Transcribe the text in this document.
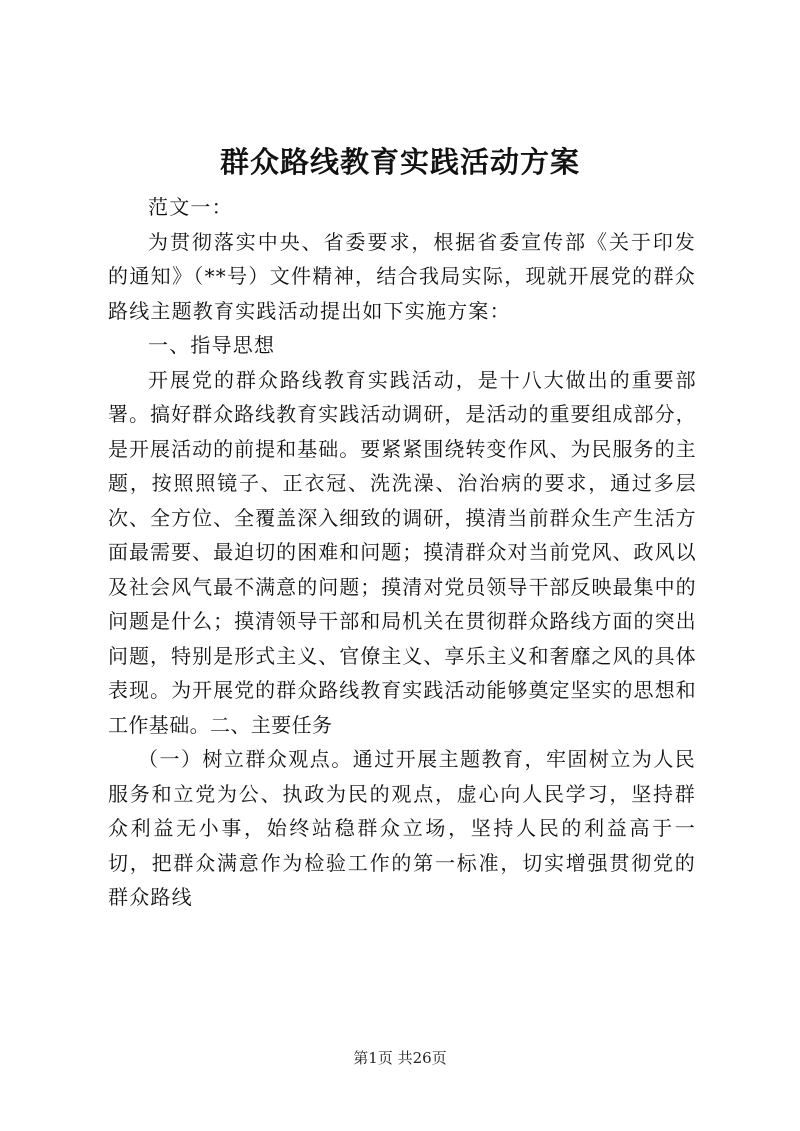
群众路线教育实践活动方案

范文一：

为贯彻落实中央、省委要求，根据省委宣传部《关于印发的通知》（**号）文件精神，结合我局实际，现就开展党的群众路线主题教育实践活动提出如下实施方案：

一、指导思想

开展党的群众路线教育实践活动，是十八大做出的重要部署。搞好群众路线教育实践活动调研，是活动的重要组成部分，是开展活动的前提和基础。要紧紧围绕转变作风、为民服务的主题，按照照镜子、正衣冠、洗洗澡、治治病的要求，通过多层次、全方位、全覆盖深入细致的调研，摸清当前群众生产生活方面最需要、最迫切的困难和问题；摸清群众对当前党风、政风以及社会风气最不满意的问题；摸清对党员领导干部反映最集中的问题是什么；摸清领导干部和局机关在贯彻群众路线方面的突出问题，特别是形式主义、官僚主义、享乐主义和奢靡之风的具体表现。为开展党的群众路线教育实践活动能够奠定坚实的思想和工作基础。二、主要任务

（一）树立群众观点。通过开展主题教育，牢固树立为人民服务和立党为公、执政为民的观点，虚心向人民学习，坚持群众利益无小事，始终站稳群众立场，坚持人民的利益高于一切，把群众满意作为检验工作的第一标准，切实增强贯彻党的群众路线

第1页 共26页
